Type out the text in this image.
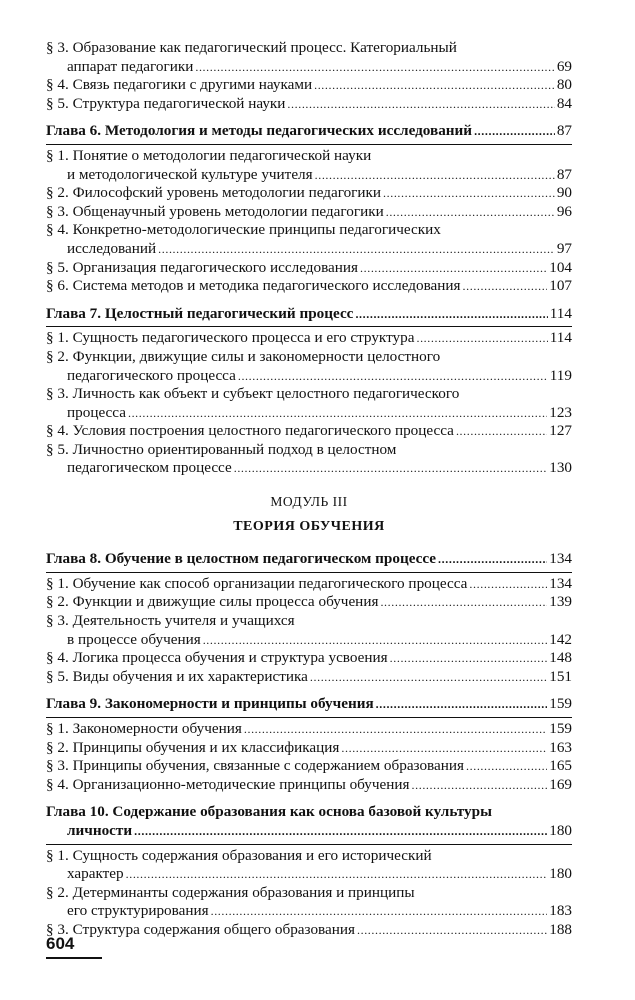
§ 3. Образование как педагогический процесс. Категориальный
аппарат педагогики . . .	69
§ 4. Связь педагогики с другими науками . . .	80
§ 5. Структура педагогической науки . . .	84
Глава 6. Методология и методы педагогических исследований . . .	87
§ 1. Понятие о методологии педагогической науки
и методологической культуре учителя . . .	87
§ 2. Философский уровень методологии педагогики . . .	90
§ 3. Общенаучный уровень методологии педагогики . . .	96
§ 4. Конкретно-методологические принципы педагогических
исследований . . .	97
§ 5. Организация педагогического исследования . . .	104
§ 6. Система методов и методика педагогического исследования . . .	107
Глава 7. Целостный педагогический процесс . . .	114
§ 1. Сущность педагогического процесса и его структура . . .	114
§ 2. Функции, движущие силы и закономерности целостного
педагогического процесса . . .	119
§ 3. Личность как объект и субъект целостного педагогического
процесса . . .	123
§ 4. Условия построения целостного педагогического процесса . . .	127
§ 5. Личностно ориентированный подход в целостном
педагогическом процессе . . .	130
МОДУЛЬ III
ТЕОРИЯ ОБУЧЕНИЯ
Глава 8. Обучение в целостном педагогическом процессе . . .	134
§ 1. Обучение как способ организации педагогического процесса . . .	134
§ 2. Функции и движущие силы процесса обучения . . .	139
§ 3. Деятельность учителя и учащихся
в процессе обучения . . .	142
§ 4. Логика процесса обучения и структура усвоения . . .	148
§ 5. Виды обучения и их характеристика . . .	151
Глава 9. Закономерности и принципы обучения . . .	159
§ 1. Закономерности обучения . . .	159
§ 2. Принципы обучения и их классификация . . .	163
§ 3. Принципы обучения, связанные с содержанием образования . . .	165
§ 4. Организационно-методические принципы обучения . . .	169
Глава 10. Содержание образования как основа базовой культуры
личности . . .	180
§ 1. Сущность содержания образования и его исторический
характер . . .	180
§ 2. Детерминанты содержания образования и принципы
его структурирования . . .	183
§ 3. Структура содержания общего образования . . .	188
604
